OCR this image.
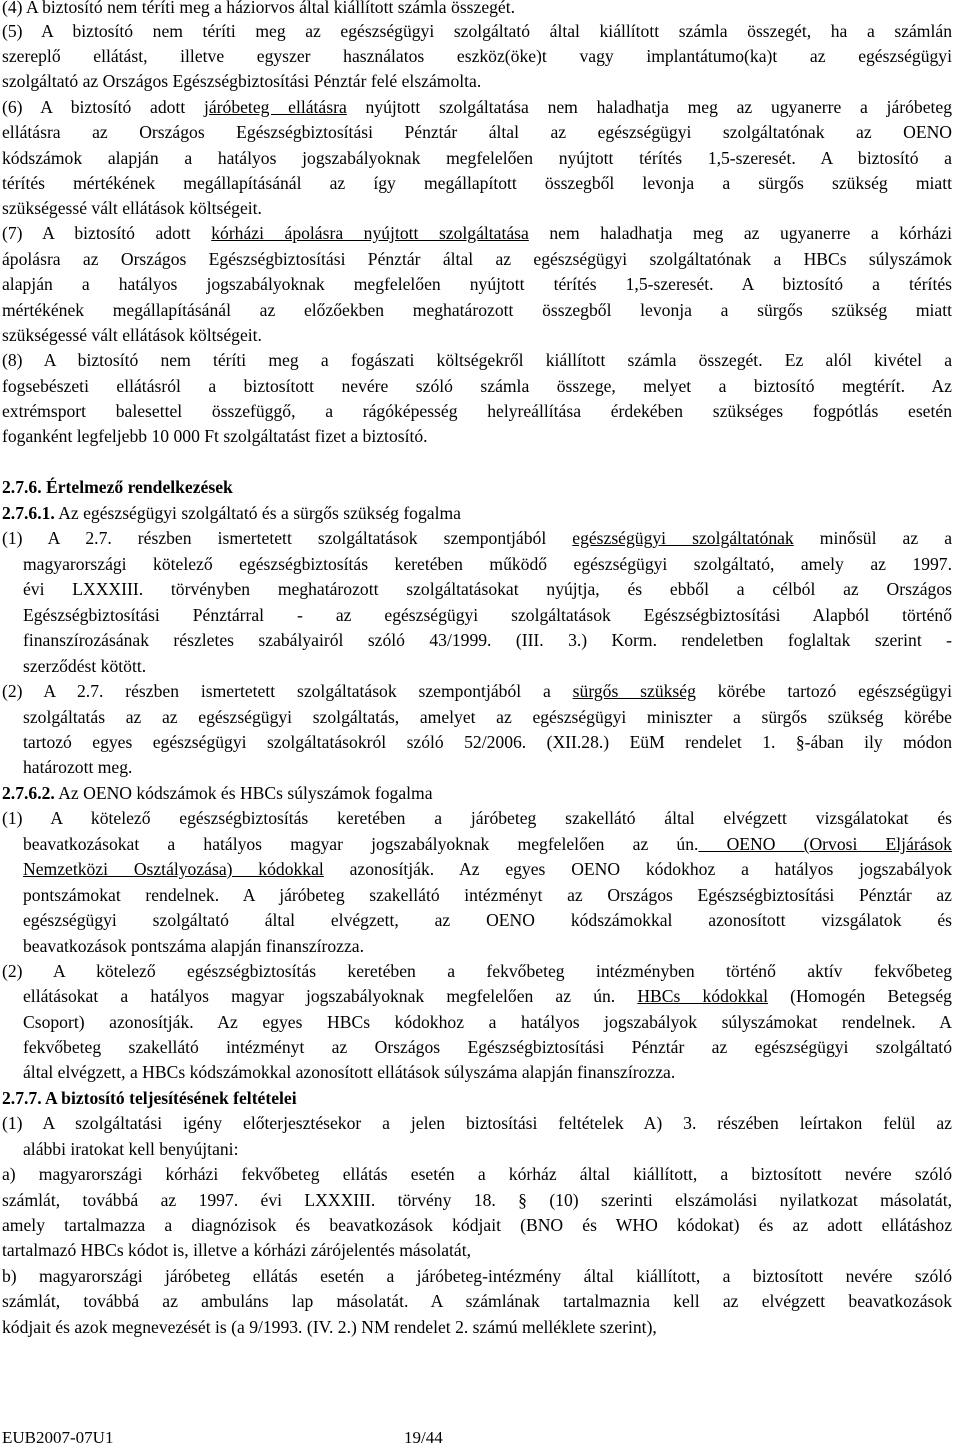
(4) A biztosító nem téríti meg a háziorvos által kiállított számla összegét.
(5) A biztosító nem téríti meg az egészségügyi szolgáltató által kiállított számla összegét, ha a számlán
szereplő ellátást, illetve egyszer használatos eszköz(öke)t vagy implantátumo(ka)t az egészségügyi
szolgáltató az Országos Egészségbiztosítási Pénztár felé elszámolta.
(6) A biztosító adott járóbeteg ellátásra nyújtott szolgáltatása nem haladhatja meg az ugyanerre a járóbeteg
ellátásra az Országos Egészségbiztosítási Pénztár által az egészségügyi szolgáltatónak az OENO
kódszámok alapján a hatályos jogszabályoknak megfelelően nyújtott térítés 1,5-szeresét. A biztosító a
térítés mértékének megállapításánál az így megállapított összegből levonja a sürgős szükség miatt
szükségessé vált ellátások költségeit.
(7) A biztosító adott kórházi ápolásra nyújtott szolgáltatása nem haladhatja meg az ugyanerre a kórházi
ápolásra az Országos Egészségbiztosítási Pénztár által az egészségügyi szolgáltatónak a HBCs súlyszámok
alapján a hatályos jogszabályoknak megfelelően nyújtott térítés 1,5-szeresét. A biztosító a térítés
mértékének megállapításánál az előzőekben meghatározott összegből levonja a sürgős szükség miatt
szükségessé vált ellátások költségeit.
(8) A biztosító nem téríti meg a fogászati költségekről kiállított számla összegét. Ez alól kivétel a
fogsebészeti ellátásról a biztosított nevére szóló számla összege, melyet a biztosító megtérít. Az
extrémsport balesettel összefüggő, a rágóképesség helyreállítása érdekében szükséges fogpótlás esetén
foganként legfeljebb 10 000 Ft szolgáltatást fizet a biztosító.
2.7.6. Értelmező rendelkezések
2.7.6.1. Az egészségügyi szolgáltató és a sürgős szükség fogalma
(1) A 2.7. részben ismertetett szolgáltatások szempontjából egészségügyi szolgáltatónak minősül az a
magyarországi kötelező egészségbiztosítás keretében működő egészségügyi szolgáltató, amely az 1997.
évi LXXXIII. törvényben meghatározott szolgáltatásokat nyújtja, és ebből a célból az Országos
Egészségbiztosítási Pénztárral - az egészségügyi szolgáltatások Egészségbiztosítási Alapból történő
finanszírozásának részletes szabályairól szóló 43/1999. (III. 3.) Korm. rendeletben foglaltak szerint -
szerződést kötött.
(2) A 2.7. részben ismertetett szolgáltatások szempontjából a sürgős szükség körébe tartozó egészségügyi
szolgáltatás az az egészségügyi szolgáltatás, amelyet az egészségügyi miniszter a sürgős szükség körébe
tartozó egyes egészségügyi szolgáltatásokról szóló 52/2006. (XII.28.) EüM rendelet 1. §-ában ily módon
határozott meg.
2.7.6.2. Az OENO kódszámok és HBCs súlyszámok fogalma
(1) A kötelező egészségbiztosítás keretében a járóbeteg szakellátó által elvégzett vizsgálatokat és
beavatkozásokat a hatályos magyar jogszabályoknak megfelelően az ún. OENO (Orvosi Eljárások
Nemzetközi Osztályozása) kódokkal azonosítják. Az egyes OENO kódokhoz a hatályos jogszabályok
pontszámokat rendelnek. A járóbeteg szakellátó intézményt az Országos Egészségbiztosítási Pénztár az
egészségügyi szolgáltató által elvégzett, az OENO kódszámokkal azonosított vizsgálatok és
beavatkozások pontszáma alapján finanszírozza.
(2) A kötelező egészségbiztosítás keretében a fekvőbeteg intézményben történő aktív fekvőbeteg
ellátásokat a hatályos magyar jogszabályoknak megfelelően az ún. HBCs kódokkal (Homogén Betegség
Csoport) azonosítják. Az egyes HBCs kódokhoz a hatályos jogszabályok súlyszámokat rendelnek. A
fekvőbeteg szakellátó intézményt az Országos Egészségbiztosítási Pénztár az egészségügyi szolgáltató
által elvégzett, a HBCs kódszámokkal azonosított ellátások súlyszáma alapján finanszírozza.
2.7.7. A biztosító teljesítésének feltételei
(1) A szolgáltatási igény előterjesztésekor a jelen biztosítási feltételek A) 3. részében leírtakon felül az
alábbi iratokat kell benyújtani:
a) magyarországi kórházi fekvőbeteg ellátás esetén a kórház által kiállított, a biztosított nevére szóló
számlát, továbbá az 1997. évi LXXXIII. törvény 18. § (10) szerinti elszámolási nyilatkozat másolatát,
amely tartalmazza a diagnózisok és beavatkozások kódjait (BNO és WHO kódokat) és az adott ellátáshoz
tartalmazó HBCs kódot is, illetve a kórházi zárójelentés másolatát,
b) magyarországi járóbeteg ellátás esetén a járóbeteg-intézmény által kiállított, a biztosított nevére szóló
számlát, továbbá az ambuláns lap másolatát. A számlának tartalmaznia kell az elvégzett beavatkozások
kódjait és azok megnevezését is (a 9/1993. (IV. 2.) NM rendelet 2. számú melléklete szerint),
EUB2007-07U1	19/44
